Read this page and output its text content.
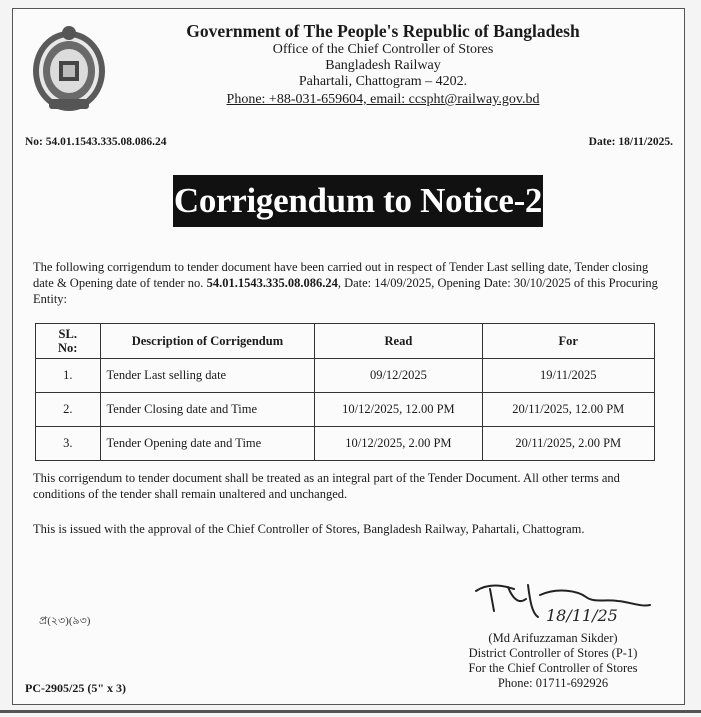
Government of The People's Republic of Bangladesh
Office of the Chief Controller of Stores
Bangladesh Railway
Pahartali, Chattogram – 4202.
Phone: +88-031-659604, email: ccspht@railway.gov.bd
No: 54.01.1543.335.08.086.24	Date: 18/11/2025.
Corrigendum to Notice-2
The following corrigendum to tender document have been carried out in respect of Tender Last selling date, Tender closing date & Opening date of tender no. 54.01.1543.335.08.086.24, Date: 14/09/2025, Opening Date: 30/10/2025 of this Procuring Entity:
SL.
No:	Description of Corrigendum	Read	For
1.	Tender Last selling date	09/12/2025	19/11/2025
2.	Tender Closing date and Time	10/12/2025, 12.00 PM	20/11/2025, 12.00 PM
3.	Tender Opening date and Time	10/12/2025, 2.00 PM	20/11/2025, 2.00 PM
This corrigendum to tender document shall be treated as an integral part of the Tender Document. All other terms and conditions of the tender shall remain unaltered and unchanged.
This is issued with the approval of the Chief Controller of Stores, Bangladesh Railway, Pahartali, Chattogram.
প্র(২৩)(৯৩)	18/11/25
(Md Arifuzzaman Sikder)
District Controller of Stores (P-1)
For the Chief Controller of Stores
Phone: 01711-692926
PC-2905/25 (5" x 3)
